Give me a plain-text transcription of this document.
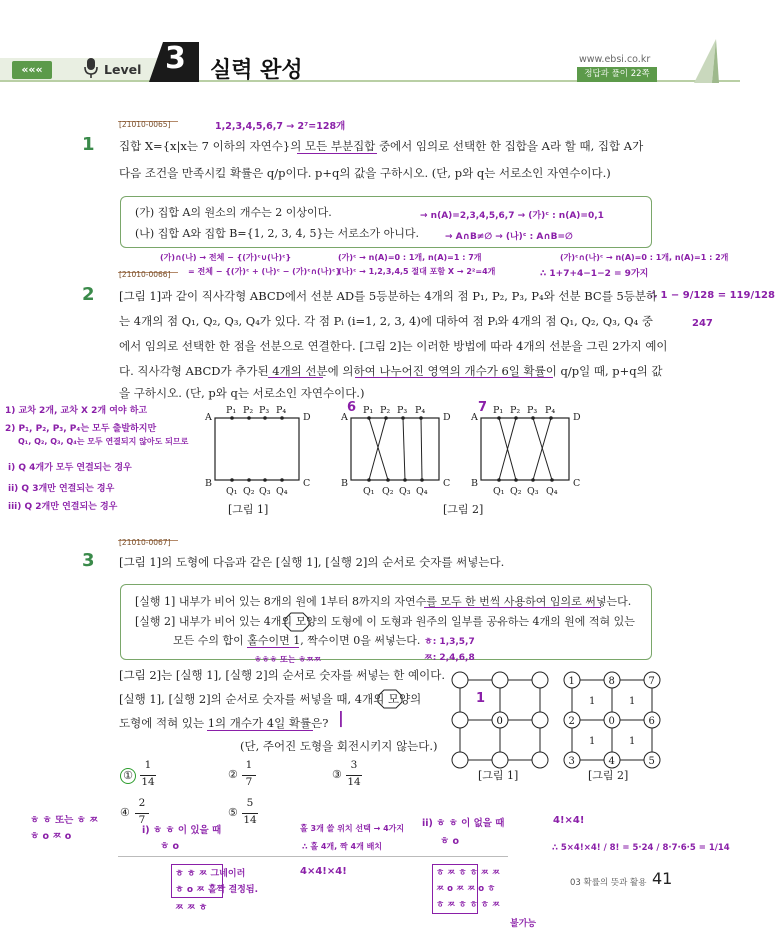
«««	Level 3 실력 완성	www.ebsi.co.kr
정답과 풀이 22쪽
[21010-0065]
1 집합 X={x|x는 7 이하의 자연수}의 모든 부분집합 중에서 임의로 선택한 한 집합을 A라 할 때, 집합 A가
다음 조건을 만족시킬 확률은 q/p이다. p+q의 값을 구하시오. (단, p와 q는 서로소인 자연수이다.)
(가) 집합 A의 원소의 개수는 2 이상이다.
(나) 집합 A와 집합 B={1, 2, 3, 4, 5}는 서로소가 아니다.
1,2,3,4,5,6,7 → 2⁷=128개
→ n(A)=2,3,4,5,6,7 → (가)ᶜ : n(A)=0,1
→ A∩B≠∅ → (나)ᶜ : A∩B=∅
(가)∩(나) → 전체 − {(가)ᶜ∪(나)ᶜ}
= 전체 − {(가)ᶜ + (나)ᶜ − (가)ᶜ∩(나)ᶜ}
(가)ᶜ → n(A)=0 : 1개, n(A)=1 : 7개
(나)ᶜ → 1,2,3,4,5 절대 포함 X → 2²=4개
(가)ᶜ∩(나)ᶜ → n(A)=0 : 1개, n(A)=1 : 2개
∴ 1+7+4−1−2 = 9가지
∴ 1 − 9/128 = 119/128
247
[21010-0066]
2 [그림 1]과 같이 직사각형 ABCD에서 선분 AD를 5등분하는 4개의 점 P₁, P₂, P₃, P₄와 선분 BC를 5등분하
는 4개의 점 Q₁, Q₂, Q₃, Q₄가 있다. 각 점 Pᵢ (i=1, 2, 3, 4)에 대하여 점 Pᵢ와 4개의 점 Q₁, Q₂, Q₃, Q₄ 중
에서 임의로 선택한 한 점을 선분으로 연결한다. [그림 2]는 이러한 방법에 따라 4개의 선분을 그린 2가지 예이
다. 직사각형 ABCD가 추가된 4개의 선분에 의하여 나누어진 영역의 개수가 6일 확률이 q/p일 때, p+q의 값
을 구하시오. (단, p와 q는 서로소인 자연수이다.)
1) 교차 2개, 교차 X 2개 여야 하고
2) P₁, P₂, P₃, P₄는 모두 출발하지만
Q₁, Q₂, Q₃, Q₄는 모두 연결되지 않아도 되므로
i) Q 4개가 모두 연결되는 경우
ii) Q 3개만 연결되는 경우
iii) Q 2개만 연결되는 경우
A	D
B	C
P₁ P₂ P₃ P₄
Q₁ Q₂ Q₃ Q₄
[그림 1]
A	D
B	C
P₁ P₂ P₃ P₄
Q₁ Q₂ Q₃ Q₄
A	D
B	C
P₁ P₂ P₃ P₄
Q₁ Q₂ Q₃ Q₄
[그림 2]
6	7
[21010-0067]
3 [그림 1]의 도형에 다음과 같은 [실행 1], [실행 2]의 순서로 숫자를 써넣는다.
[실행 1] 내부가 비어 있는 8개의 원에 1부터 8까지의 자연수를 모두 한 번씩 사용하여 임의로 써넣는다.
[실행 2] 내부가 비어 있는 4개의 모양의 도형에 이 도형과 원주의 일부를 공유하는 4개의 원에 적혀 있는
모든 수의 합이 홀수이면 1, 짝수이면 0을 써넣는다.
ㅎㅎㅎ 또는 ㅎㅉㅉ
ㅎ: 1,3,5,7
ㅉ: 2,4,6,8
[그림 2]는 [실행 1], [실행 2]의 순서로 숫자를 써넣는 한 예이다.
[실행 1], [실행 2]의 순서로 숫자를 써넣을 때, 4개의 모양의
도형에 적혀 있는 1의 개수가 4일 확률은?
(단, 주어진 도형을 회전시키지 않는다.)
|
1
①
1
14
②
1
7
③
3
14
④
2
7
⑤
5
14
0
[그림 1]
1	8	7
2	0	6
3	4	5
1	1
1	1
[그림 2]
ㅎ ㅎ 또는 ㅎ ㅉ
ㅎ o ㅉ o
i) ㅎ ㅎ 이 있을 때
ㅎ o
홀 3개 쓸 위치 선택 → 4가지
∴ 홀 4개, 짝 4개 배치
4×4!×4!
ㅎ ㅎ ㅉ 그네이러
ㅎ o ㅉ 홀짝 결정됨.
ㅉ ㅉ ㅎ
ii) ㅎ ㅎ 이 없을 때
ㅎ o
4!×4!
ㅎ ㅉ ㅎ ㅎ ㅉ ㅉ
ㅉ o ㅉ ㅉ o ㅎ
ㅎ ㅉ ㅎ ㅎ ㅎ ㅉ
불가능
∴ 5×4!×4! / 8! = 5·24 / 8·7·6·5 = 1/14
03 확률의 뜻과 활용 41
